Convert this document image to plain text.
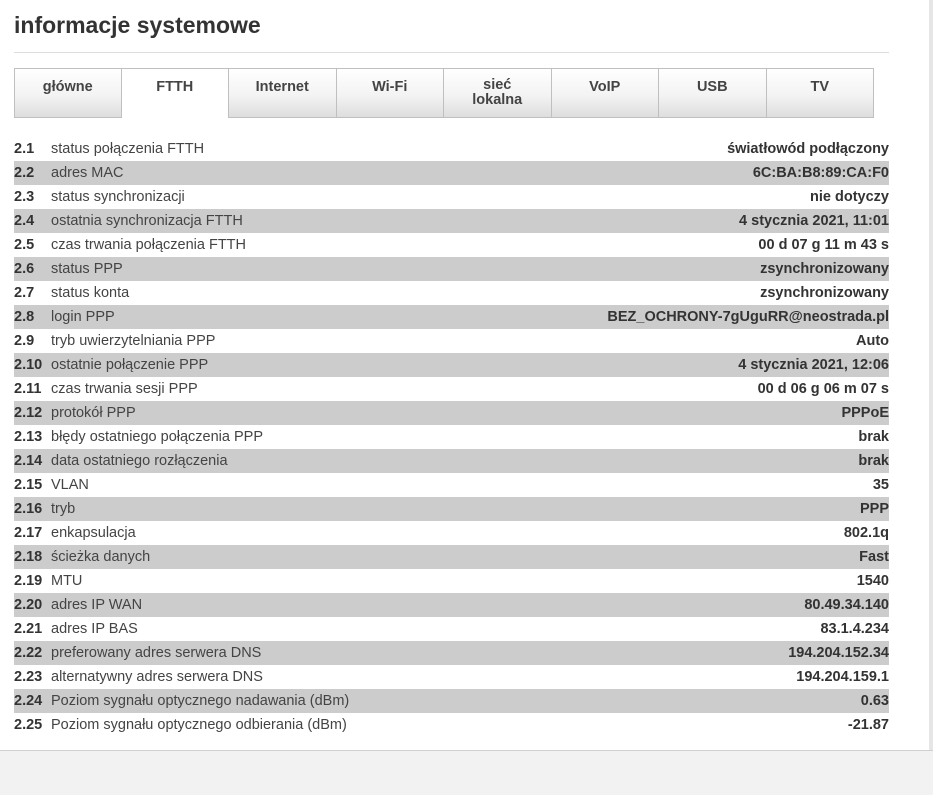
informacje systemowe
główne	FTTH	Internet	Wi-Fi	sieć
lokalna
VoIP	USB	TV
2.1	status połączenia FTTH	światłowód podłączony
2.2	adres MAC	6C:BA:B8:89:CA:F0
2.3	status synchronizacji	nie dotyczy
2.4	ostatnia synchronizacja FTTH	4 stycznia 2021, 11:01
2.5	czas trwania połączenia FTTH	00 d 07 g 11 m 43 s
2.6	status PPP	zsynchronizowany
2.7	status konta	zsynchronizowany
2.8	login PPP	BEZ_OCHRONY-7gUguRR@neostrada.pl
2.9	tryb uwierzytelniania PPP	Auto
2.10 ostatnie połączenie PPP	4 stycznia 2021, 12:06
2.11 czas trwania sesji PPP	00 d 06 g 06 m 07 s
2.12 protokół PPP	PPPoE
2.13 błędy ostatniego połączenia PPP	brak
2.14 data ostatniego rozłączenia	brak
2.15 VLAN	35
2.16 tryb	PPP
2.17 enkapsulacja	802.1q
2.18 ścieżka danych	Fast
2.19 MTU	1540
2.20 adres IP WAN	80.49.34.140
2.21 adres IP BAS	83.1.4.234
2.22 preferowany adres serwera DNS	194.204.152.34
2.23 alternatywny adres serwera DNS	194.204.159.1
2.24 Poziom sygnału optycznego nadawania (dBm)	0.63
2.25 Poziom sygnału optycznego odbierania (dBm)	-21.87
